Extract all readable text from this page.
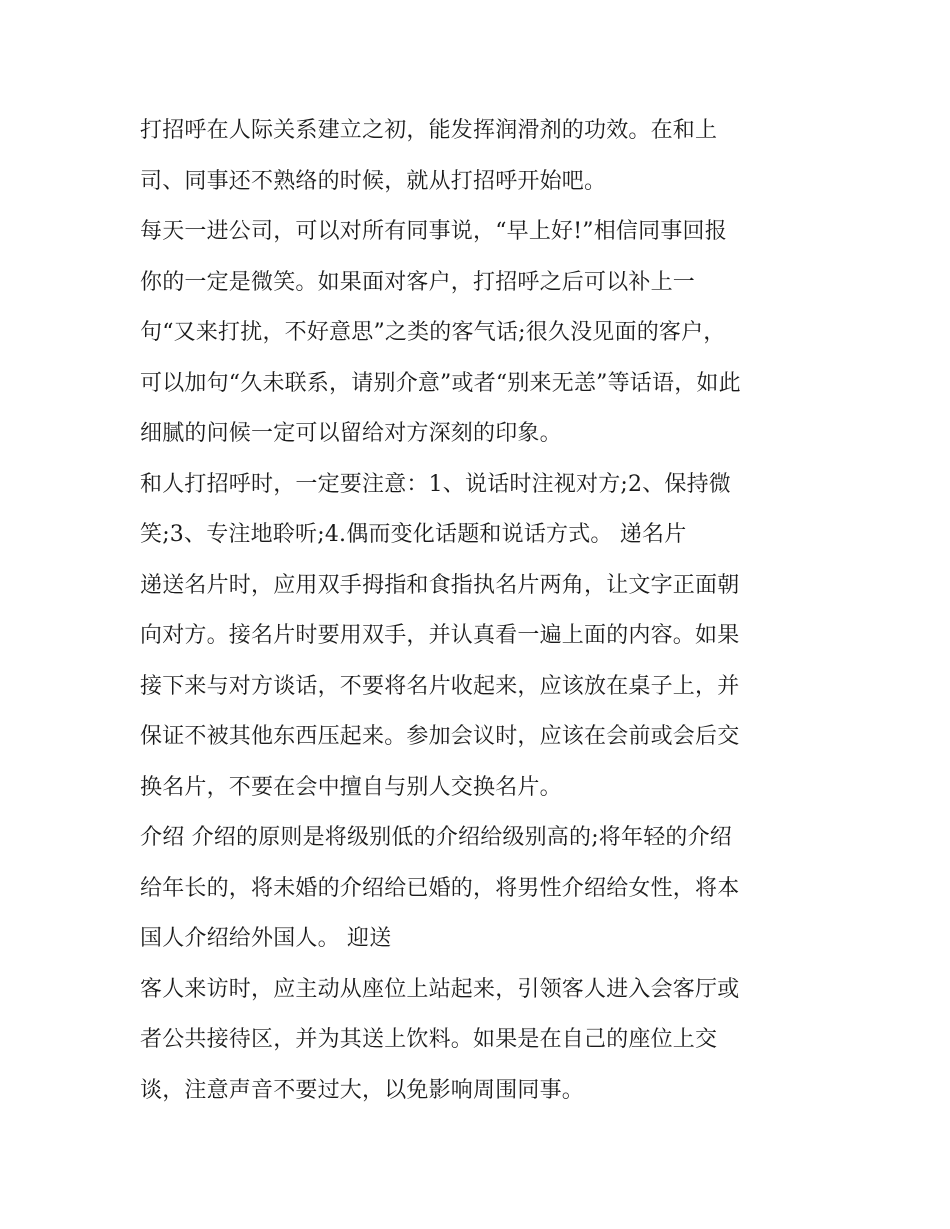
打招呼在人际关系建立之初，能发挥润滑剂的功效。在和上
司、同事还不熟络的时候，就从打招呼开始吧。
每天一进公司，可以对所有同事说，“早上好!”相信同事回报
你的一定是微笑。如果面对客户，打招呼之后可以补上一
句“又来打扰，不好意思”之类的客气话;很久没见面的客户，
可以加句“久未联系，请别介意”或者“别来无恙”等话语，如此
细腻的问候一定可以留给对方深刻的印象。
和人打招呼时，一定要注意：1、说话时注视对方;2、保持微
笑;3、专注地聆听;4.偶而变化话题和说话方式。 递名片
递送名片时，应用双手拇指和食指执名片两角，让文字正面朝
向对方。接名片时要用双手，并认真看一遍上面的内容。如果
接下来与对方谈话，不要将名片收起来，应该放在桌子上，并
保证不被其他东西压起来。参加会议时，应该在会前或会后交
换名片，不要在会中擅自与别人交换名片。
介绍 介绍的原则是将级别低的介绍给级别高的;将年轻的介绍
给年长的，将未婚的介绍给已婚的，将男性介绍给女性，将本
国人介绍给外国人。 迎送
客人来访时，应主动从座位上站起来，引领客人进入会客厅或
者公共接待区，并为其送上饮料。如果是在自己的座位上交
谈，注意声音不要过大，以免影响周围同事。
